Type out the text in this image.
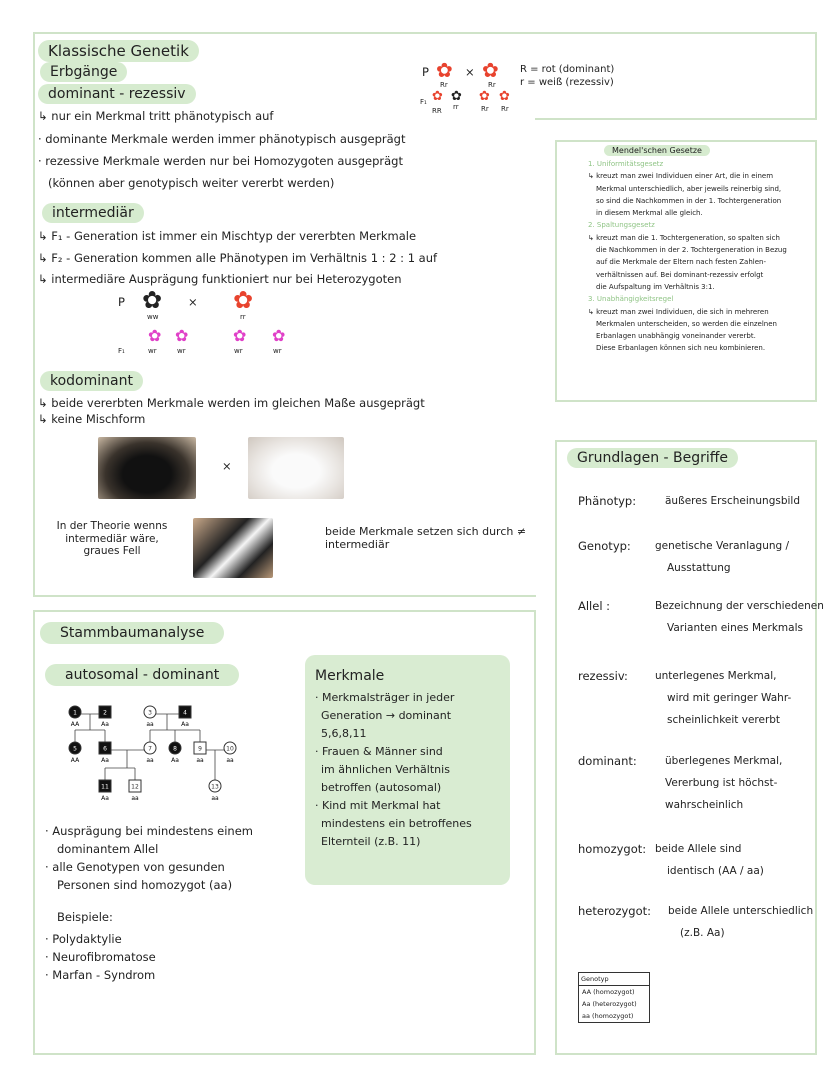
Klassische Genetik
Erbgänge
dominant - rezessiv
↳ nur ein Merkmal tritt phänotypisch auf
· dominante Merkmale werden immer phänotypisch ausgeprägt
· rezessive Merkmale werden nur bei Homozygoten ausgeprägt
(können aber genotypisch weiter vererbt werden)
P ✿
Rr
× ✿
Rr
R = rot (dominant)
r = weiß (rezessiv)
F₁ ✿
RR
✿
rr
✿
Rr
✿
Rr
intermediär
↳ F₁ - Generation ist immer ein Mischtyp der vererbten Merkmale
↳ F₂ - Generation kommen alle Phänotypen im Verhältnis 1 : 2 : 1 auf
↳ intermediäre Ausprägung funktioniert nur bei Heterozygoten
P ✿
ww
× ✿
rr
F₁
✿
wr
✿
wr
✿
wr
✿
wr
kodominant
↳ beide vererbten Merkmale werden im gleichen Maße ausgeprägt
↳ keine Mischform
×
In der Theorie wenns intermediär wäre, graues Fell
beide Merkmale setzen sich durch ≠ intermediär
Mendel'schen Gesetze
1. Uniformitätsgesetz
↳ kreuzt man zwei Individuen einer Art, die in einem
Merkmal unterschiedlich, aber jeweils reinerbig sind,
so sind die Nachkommen in der 1. Tochtergeneration
in diesem Merkmal alle gleich.
2. Spaltungsgesetz
↳ kreuzt man die 1. Tochtergeneration, so spalten sich
die Nachkommen in der 2. Tochtergeneration in Bezug
auf die Merkmale der Eltern nach festen Zahlen-
verhältnissen auf. Bei dominant-rezessiv erfolgt
die Aufspaltung im Verhältnis 3:1.
3. Unabhängigkeitsregel
↳ kreuzt man zwei Individuen, die sich in mehreren
Merkmalen unterscheiden, so werden die einzelnen
Erbanlagen unabhängig voneinander vererbt.
Diese Erbanlagen können sich neu kombinieren.
Grundlagen - Begriffe
Phänotyp:	äußeres Erscheinungsbild
Genotyp: genetische Veranlagung /
Ausstattung
Allel :	Bezeichnung der verschiedenen
Varianten eines Merkmals
rezessiv:	unterlegenes Merkmal,
wird mit geringer Wahr-
scheinlichkeit vererbt
dominant:	überlegenes Merkmal,
Vererbung ist höchst-
wahrscheinlich
homozygot: beide Allele sind
identisch (AA / aa)
heterozygot: beide Allele unterschiedlich
(z.B. Aa)
Genotyp
AA (homozygot)
Aa (heterozygot)
aa (homozygot)
Stammbaumanalyse
autosomal - dominant
1
AA
2
Aa
3
aa
4
Aa
5
AA
6
Aa
7
aa
8
Aa
9
aa
10
aa
11
Aa
12
aa
13
aa
· Ausprägung bei mindestens einem
dominantem Allel
· alle Genotypen von gesunden
Personen sind homozygot (aa)
Beispiele:
· Polydaktylie
· Neurofibromatose
· Marfan - Syndrom
Merkmale
· Merkmalsträger in jeder
Generation → dominant 5,6,8,11
· Frauen & Männer sind
im ähnlichen Verhältnis
betroffen (autosomal)
· Kind mit Merkmal hat
mindestens ein betroffenes
Elternteil (z.B. 11)
